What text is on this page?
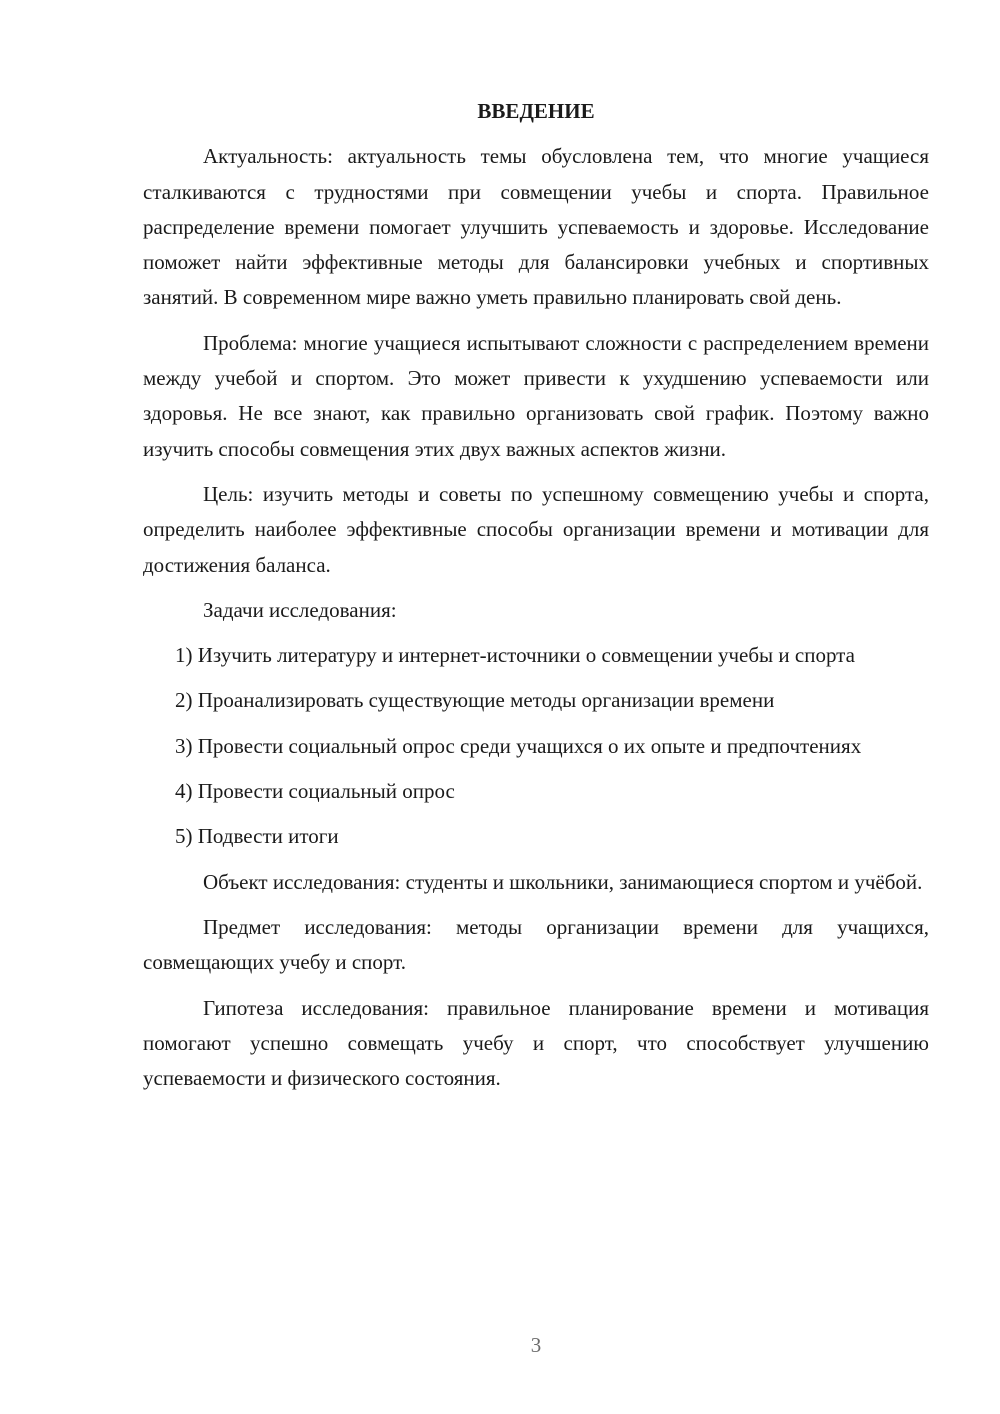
ВВЕДЕНИЕ

Актуальность: актуальность темы обусловлена тем, что многие учащиеся сталкиваются с трудностями при совмещении учебы и спорта. Правильное распределение времени помогает улучшить успеваемость и здоровье. Исследование поможет найти эффективные методы для балансировки учебных и спортивных занятий. В современном мире важно уметь правильно планировать свой день.

Проблема: многие учащиеся испытывают сложности с распределением времени между учебой и спортом. Это может привести к ухудшению успеваемости или здоровья. Не все знают, как правильно организовать свой график. Поэтому важно изучить способы совмещения этих двух важных аспектов жизни.

Цель: изучить методы и советы по успешному совмещению учебы и спорта, определить наиболее эффективные способы организации времени и мотивации для достижения баланса.

Задачи исследования:

1) Изучить литературу и интернет-источники о совмещении учебы и спорта

2) Проанализировать существующие методы организации времени

3) Провести социальный опрос среди учащихся о их опыте и предпочтениях

4) Провести социальный опрос

5) Подвести итоги

Объект исследования: студенты и школьники, занимающиеся спортом и учёбой.

Предмет исследования: методы организации времени для учащихся, совмещающих учебу и спорт.

Гипотеза исследования: правильное планирование времени и мотивация помогают успешно совмещать учебу и спорт, что способствует улучшению успеваемости и физического состояния.

3
